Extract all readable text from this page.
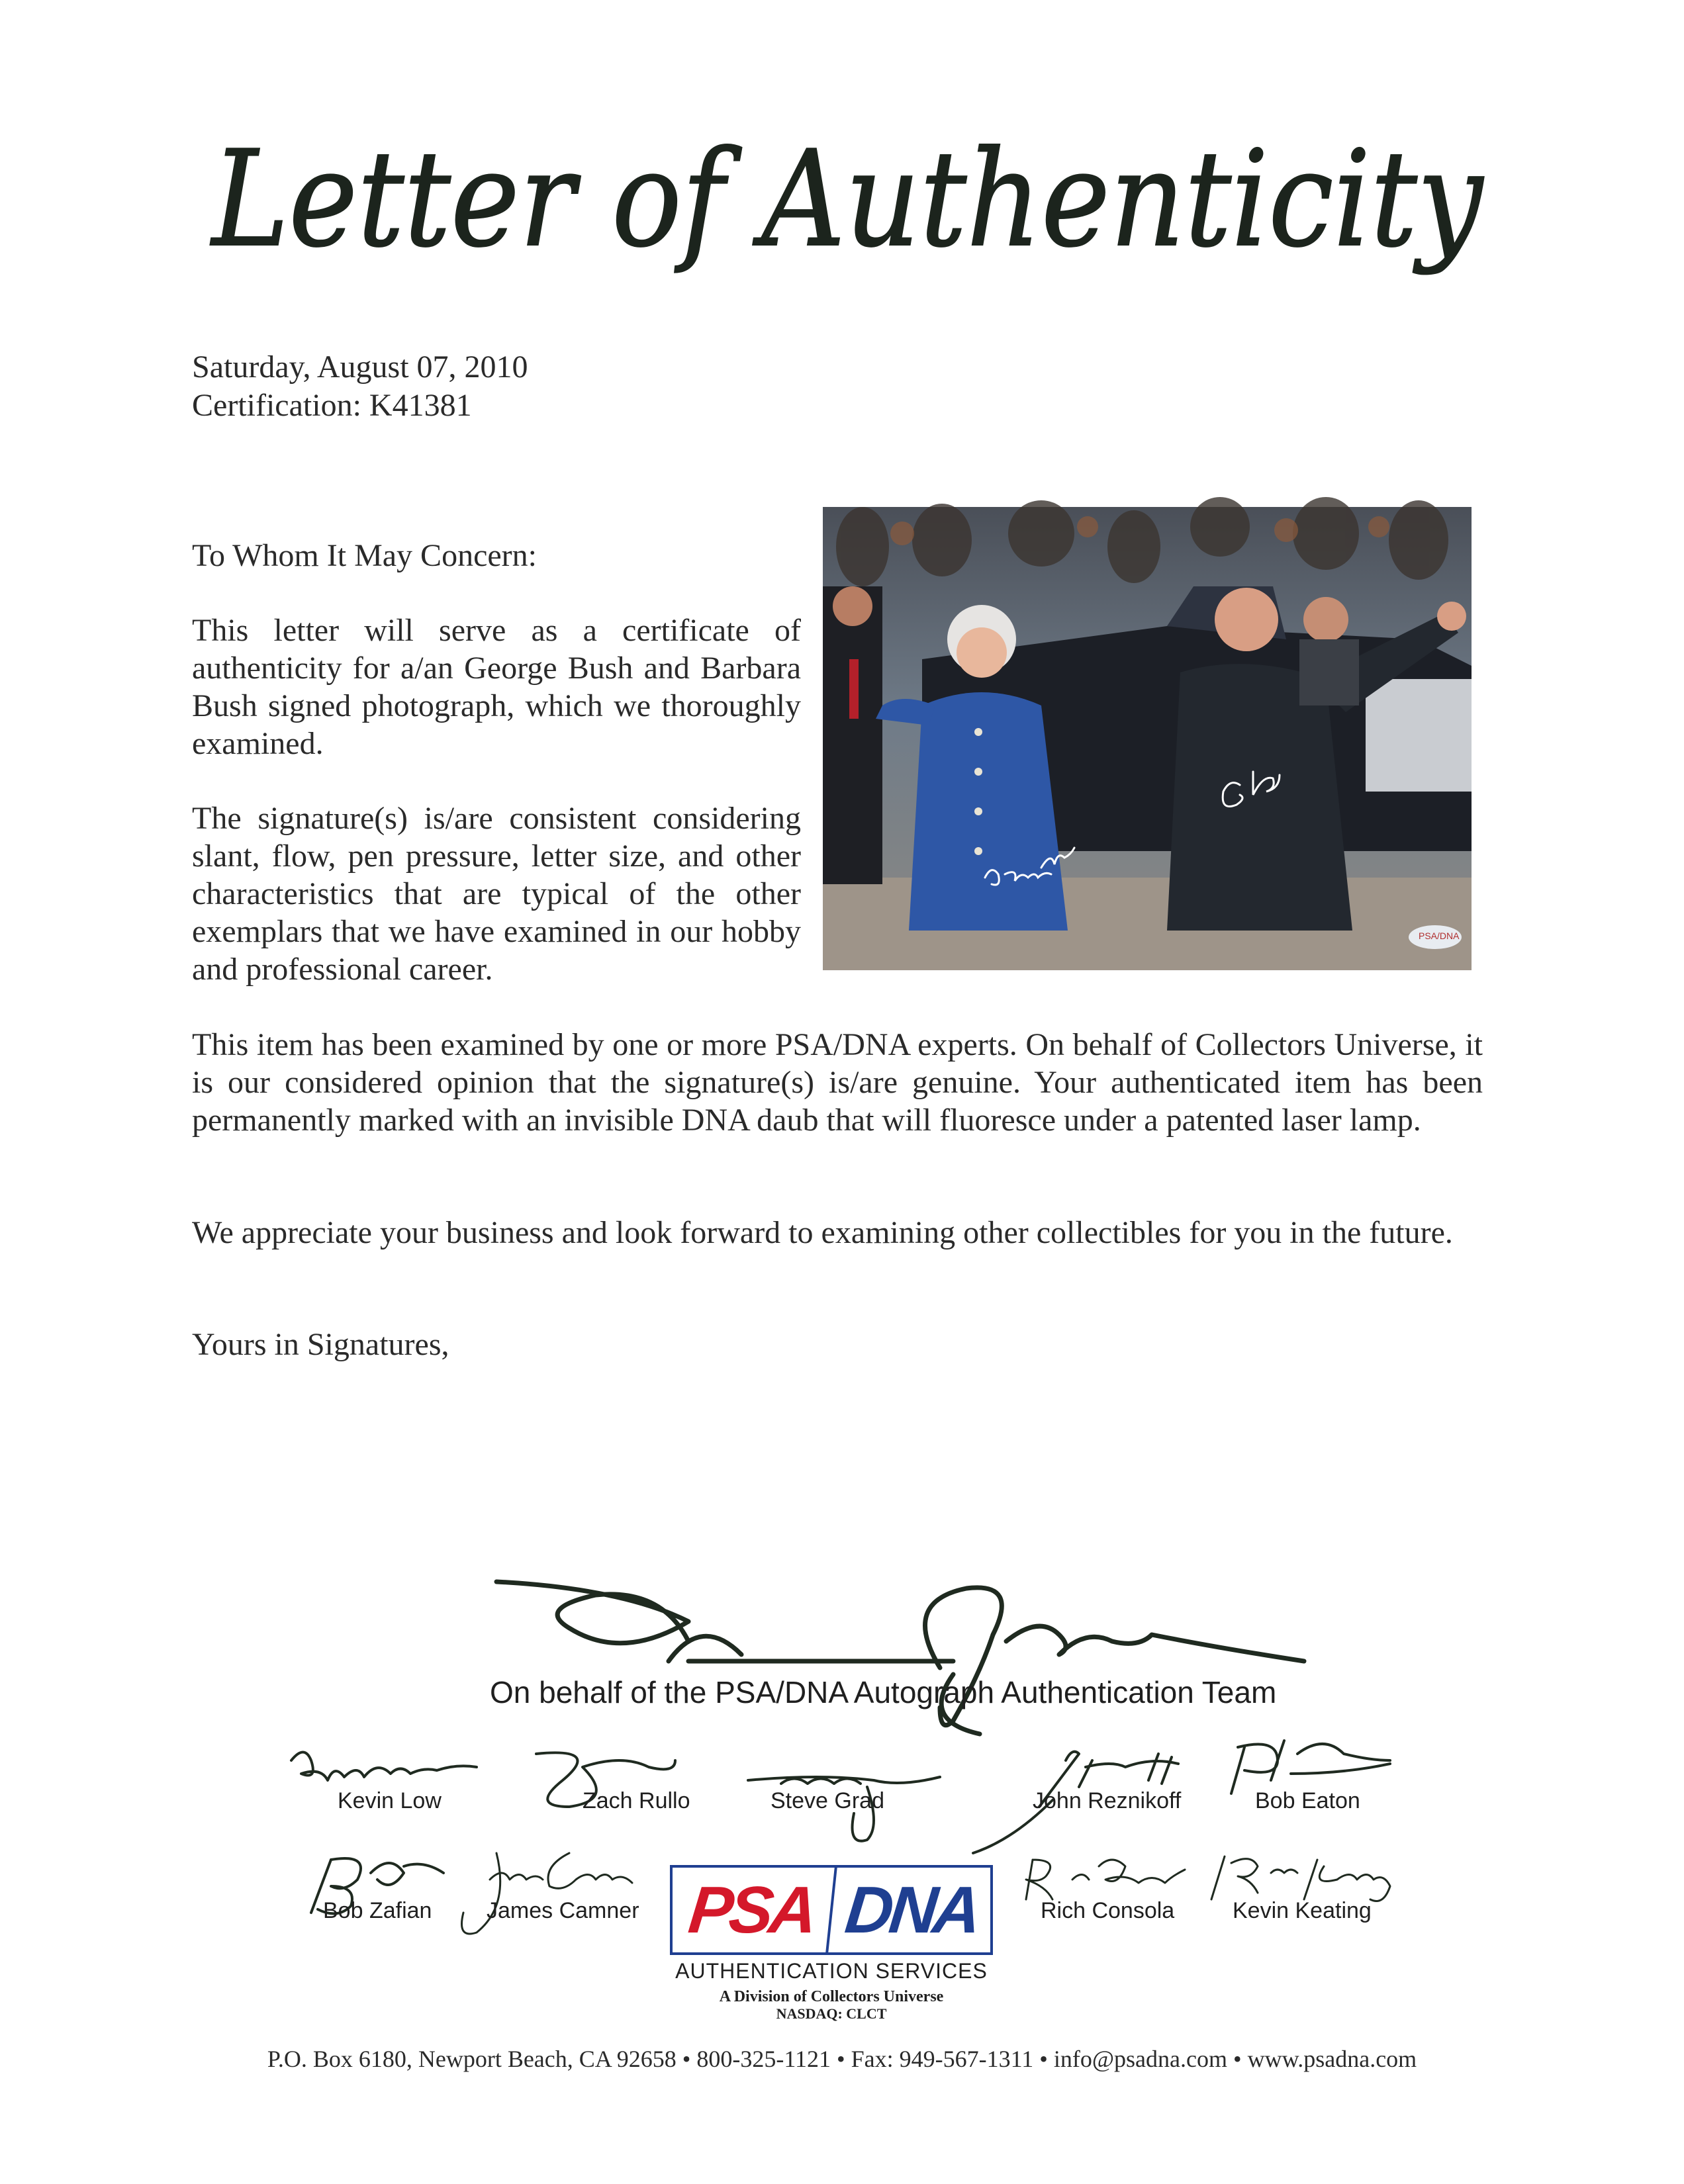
Letter of Authenticity
Saturday, August 07, 2010
Certification: K41381
To Whom It May Concern:
This letter will serve as a certificate of authenticity for a/an George Bush and Barbara Bush signed photograph, which we thoroughly examined.
The signature(s) is/are consistent considering slant, flow, pen pressure, letter size, and other characteristics that are typical of the other exemplars that we have examined in our hobby and professional career.
This item has been examined by one or more PSA/DNA experts. On behalf of Collectors Universe, it is our considered opinion that the signature(s) is/are genuine. Your authenticated item has been permanently marked with an invisible DNA daub that will fluoresce under a patented laser lamp.
We appreciate your business and look forward to examining other collectibles for you in the future.
Yours in Signatures,
PSA/DNA
On behalf of the PSA/DNA Autograph Authentication Team
Kevin Low	Zach Rullo	Steve Grad	John Reznikoff	Bob Eaton
Bob Zafian James Camner	Rich Consola	Kevin Keating
PSA DNA
AUTHENTICATION SERVICES
A Division of Collectors Universe
NASDAQ: CLCT
P.O. Box 6180, Newport Beach, CA 92658 • 800-325-1121 • Fax: 949-567-1311 • info@psadna.com • www.psadna.com
